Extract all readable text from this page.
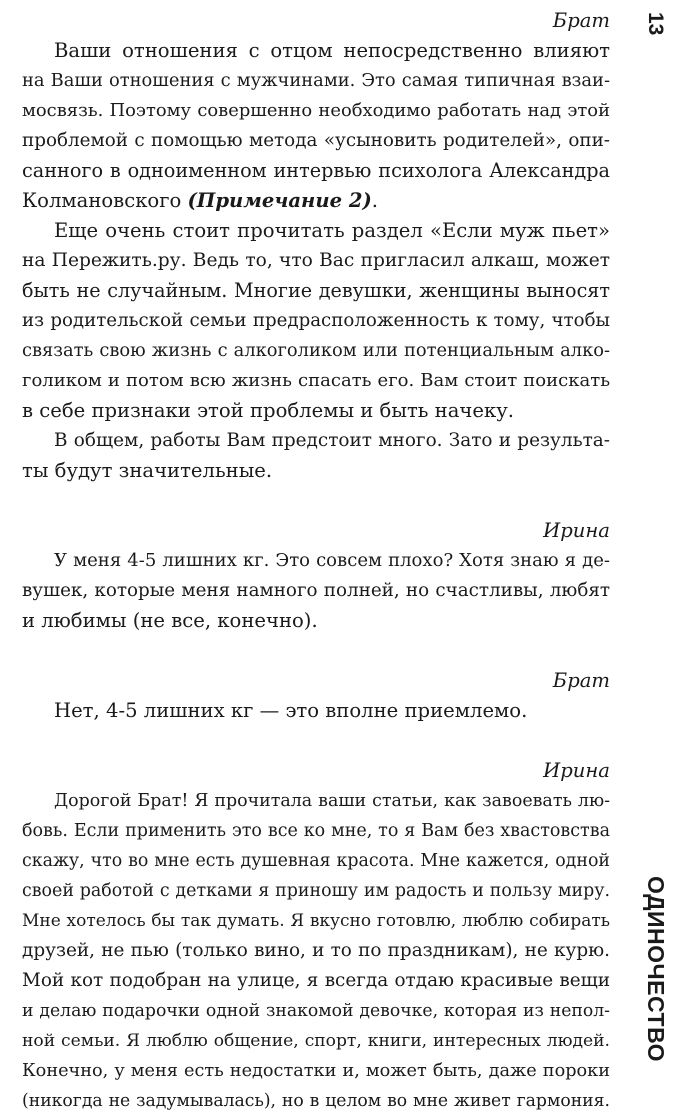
13
ОДИНОЧЕСТВО
Брат
Ваши отношения с отцом непосредственно влияют
на Ваши отношения с мужчинами. Это самая типичная взаи-
мосвязь. Поэтому совершенно необходимо работать над этой
проблемой с помощью метода «усыновить родителей», опи-
санного в одноименном интервью психолога Александра
Колмановского (Примечание 2).
Еще очень стоит прочитать раздел «Если муж пьет»
на Пережить.ру. Ведь то, что Вас пригласил алкаш, может
быть не случайным. Многие девушки, женщины выносят
из родительской семьи предрасположенность к тому, чтобы
связать свою жизнь с алкоголиком или потенциальным алко-
голиком и потом всю жизнь спасать его. Вам стоит поискать
в себе признаки этой проблемы и быть начеку.
В общем, работы Вам предстоит много. Зато и результа-
ты будут значительные.
Ирина
У меня 4-5 лишних кг. Это совсем плохо? Хотя знаю я де-
вушек, которые меня намного полней, но счастливы, любят
и любимы (не все, конечно).
Брат
Нет, 4-5 лишних кг — это вполне приемлемо.
Ирина
Дорогой Брат! Я прочитала ваши статьи, как завоевать лю-
бовь. Если применить это все ко мне, то я Вам без хвастовства
скажу, что во мне есть душевная красота. Мне кажется, одной
своей работой с детками я приношу им радость и пользу миру.
Мне хотелось бы так думать. Я вкусно готовлю, люблю собирать
друзей, не пью (только вино, и то по праздникам), не курю.
Мой кот подобран на улице, я всегда отдаю красивые вещи
и делаю подарочки одной знакомой девочке, которая из непол-
ной семьи. Я люблю общение, спорт, книги, интересных людей.
Конечно, у меня есть недостатки и, может быть, даже пороки
(никогда не задумывалась), но в целом во мне живет гармония.
